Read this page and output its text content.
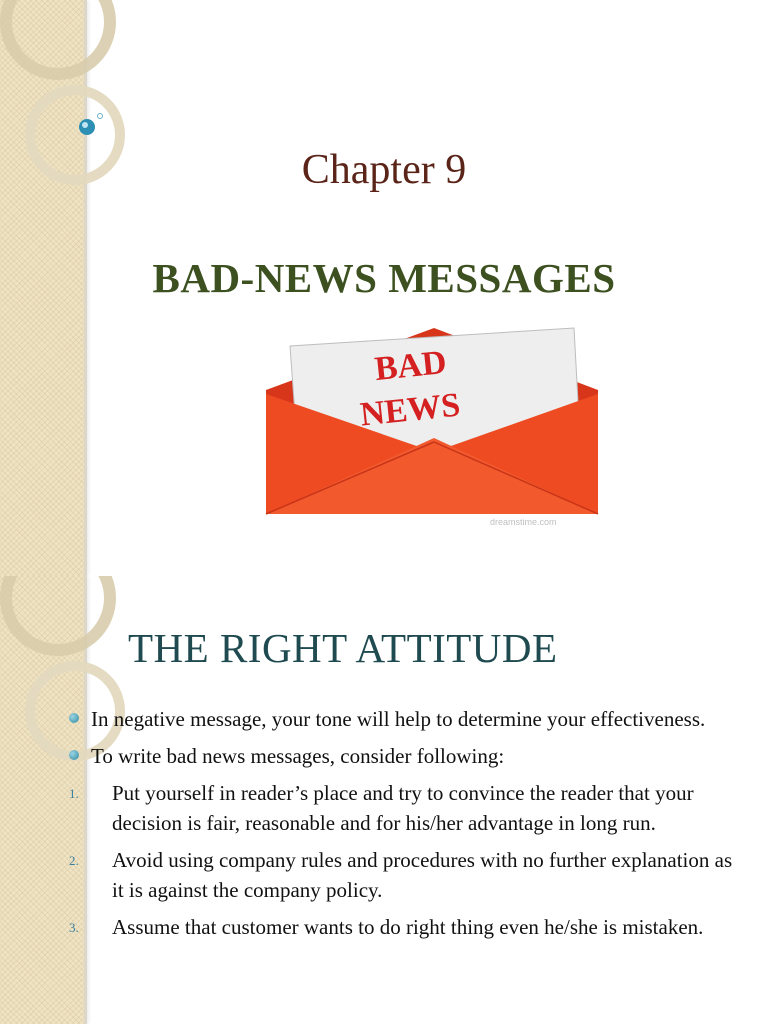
Chapter 9
BAD-NEWS MESSAGES
BAD
NEWS
dreamstime.com
THE RIGHT ATTITUDE
In negative message, your tone will help to determine your effectiveness.
To write bad news messages, consider following:
1. Put yourself in reader’s place and try to convince the reader that your decision is fair, reasonable and for his/her advantage in long run.
2. Avoid using company rules and procedures with no further explanation as it is against the company policy.
3. Assume that customer wants to do right thing even he/she is mistaken.
